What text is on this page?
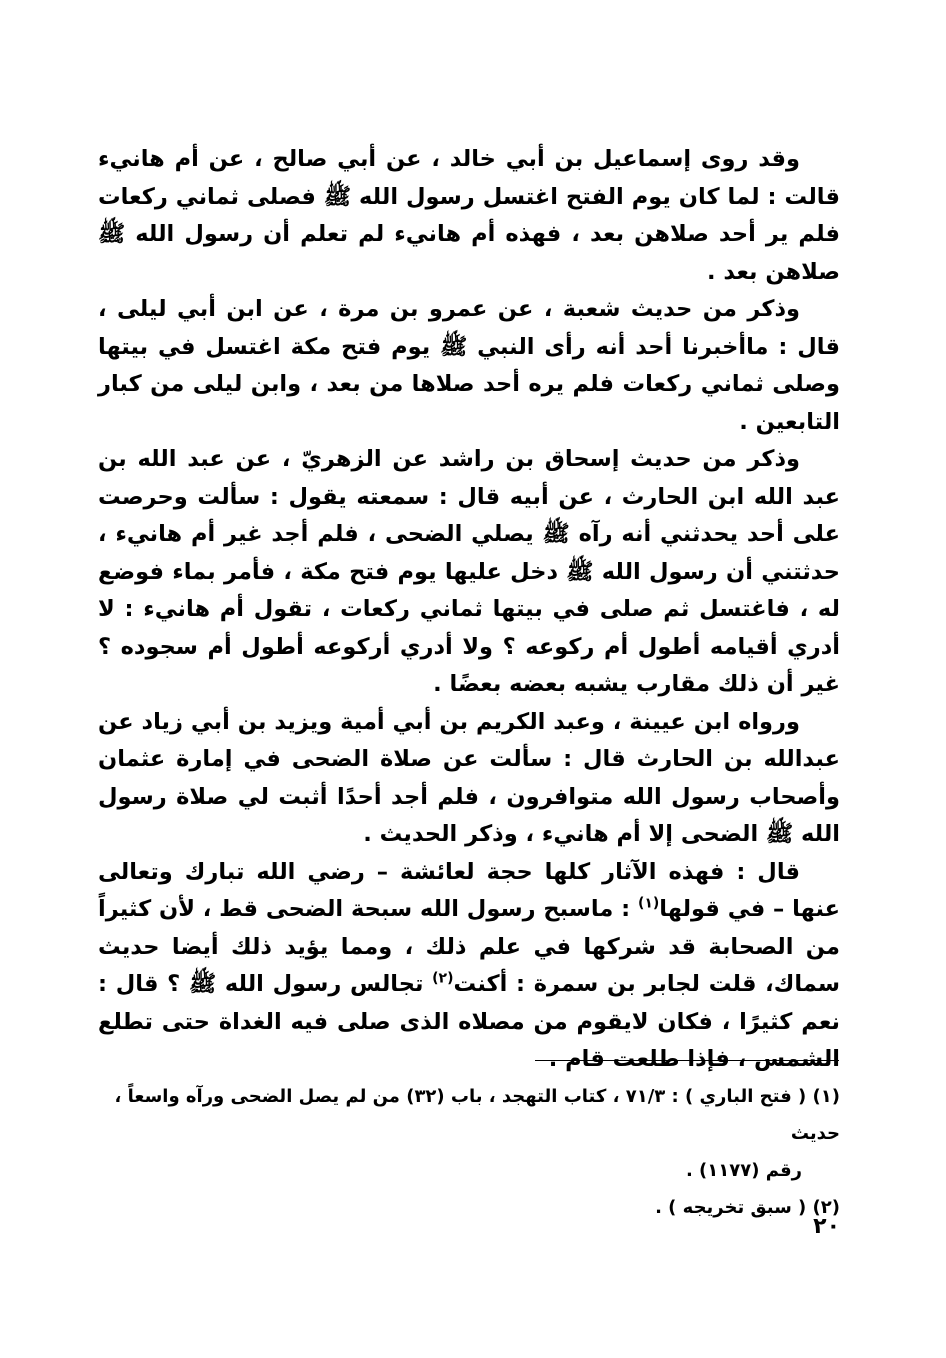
وقد روى إسماعيل بن أبي خالد ، عن أبي صالح ، عن أم هانيء قالت : لما كان يوم الفتح اغتسل رسول الله ﷺ فصلى ثماني ركعات فلم ير أحد صلاهن بعد ، فهذه أم هانيء لم تعلم أن رسول الله ﷺ صلاهن بعد .

وذكر من حديث شعبة ، عن عمرو بن مرة ، عن ابن أبي ليلى ، قال : ماأخبرنا أحد أنه رأى النبي ﷺ يوم فتح مكة اغتسل في بيتها وصلى ثماني ركعات فلم يره أحد صلاها من بعد ، وابن ليلى من كبار التابعين .

وذكر من حديث إسحاق بن راشد عن الزهريّ ، عن عبد الله بن عبد الله ابن الحارث ، عن أبيه قال : سمعته يقول : سألت وحرصت على أحد يحدثني أنه رآه ﷺ يصلي الضحى ، فلم أجد غير أم هانيء ، حدثتني أن رسول الله ﷺ دخل عليها يوم فتح مكة ، فأمر بماء فوضع له ، فاغتسل ثم صلى في بيتها ثماني ركعات ، تقول أم هانيء : لا أدري أقيامه أطول أم ركوعه ؟ ولا أدري أركوعه أطول أم سجوده ؟ غير أن ذلك مقارب يشبه بعضه بعضًا .

ورواه ابن عيينة ، وعبد الكريم بن أبي أمية ويزيد بن أبي زياد عن عبدالله بن الحارث قال : سألت عن صلاة الضحى في إمارة عثمان وأصحاب رسول الله متوافرون ، فلم أجد أحدًا أثبت لي صلاة رسول الله ﷺ الضحى إلا أم هانيء ، وذكر الحديث .

قال : فهذه الآثار كلها حجة لعائشة – رضي الله تبارك وتعالى عنها – في قولها$^{(١)}$ : ماسبح رسول الله سبحة الضحى قط ، لأن كثيراً من الصحابة قد شركها في علم ذلك ، ومما يؤيد ذلك أيضا حديث سماك، قلت لجابر بن سمرة : أكنت$^{(٢)}$ تجالس رسول الله ﷺ ؟ قال : نعم كثيرًا ، فكان لايقوم من مصلاه الذى صلى فيه الغداة حتى تطلع الشمس ، فإذا طلعت قام .

(١) ( فتح الباري ) : ٧١/٣ ، كتاب التهجد ، باب (٣٢) من لم يصل الضحى ورآه واسعاً ، حديث

رقم (١١٧٧) .

(٢) ( سبق تخريجه ) .

٢٠
